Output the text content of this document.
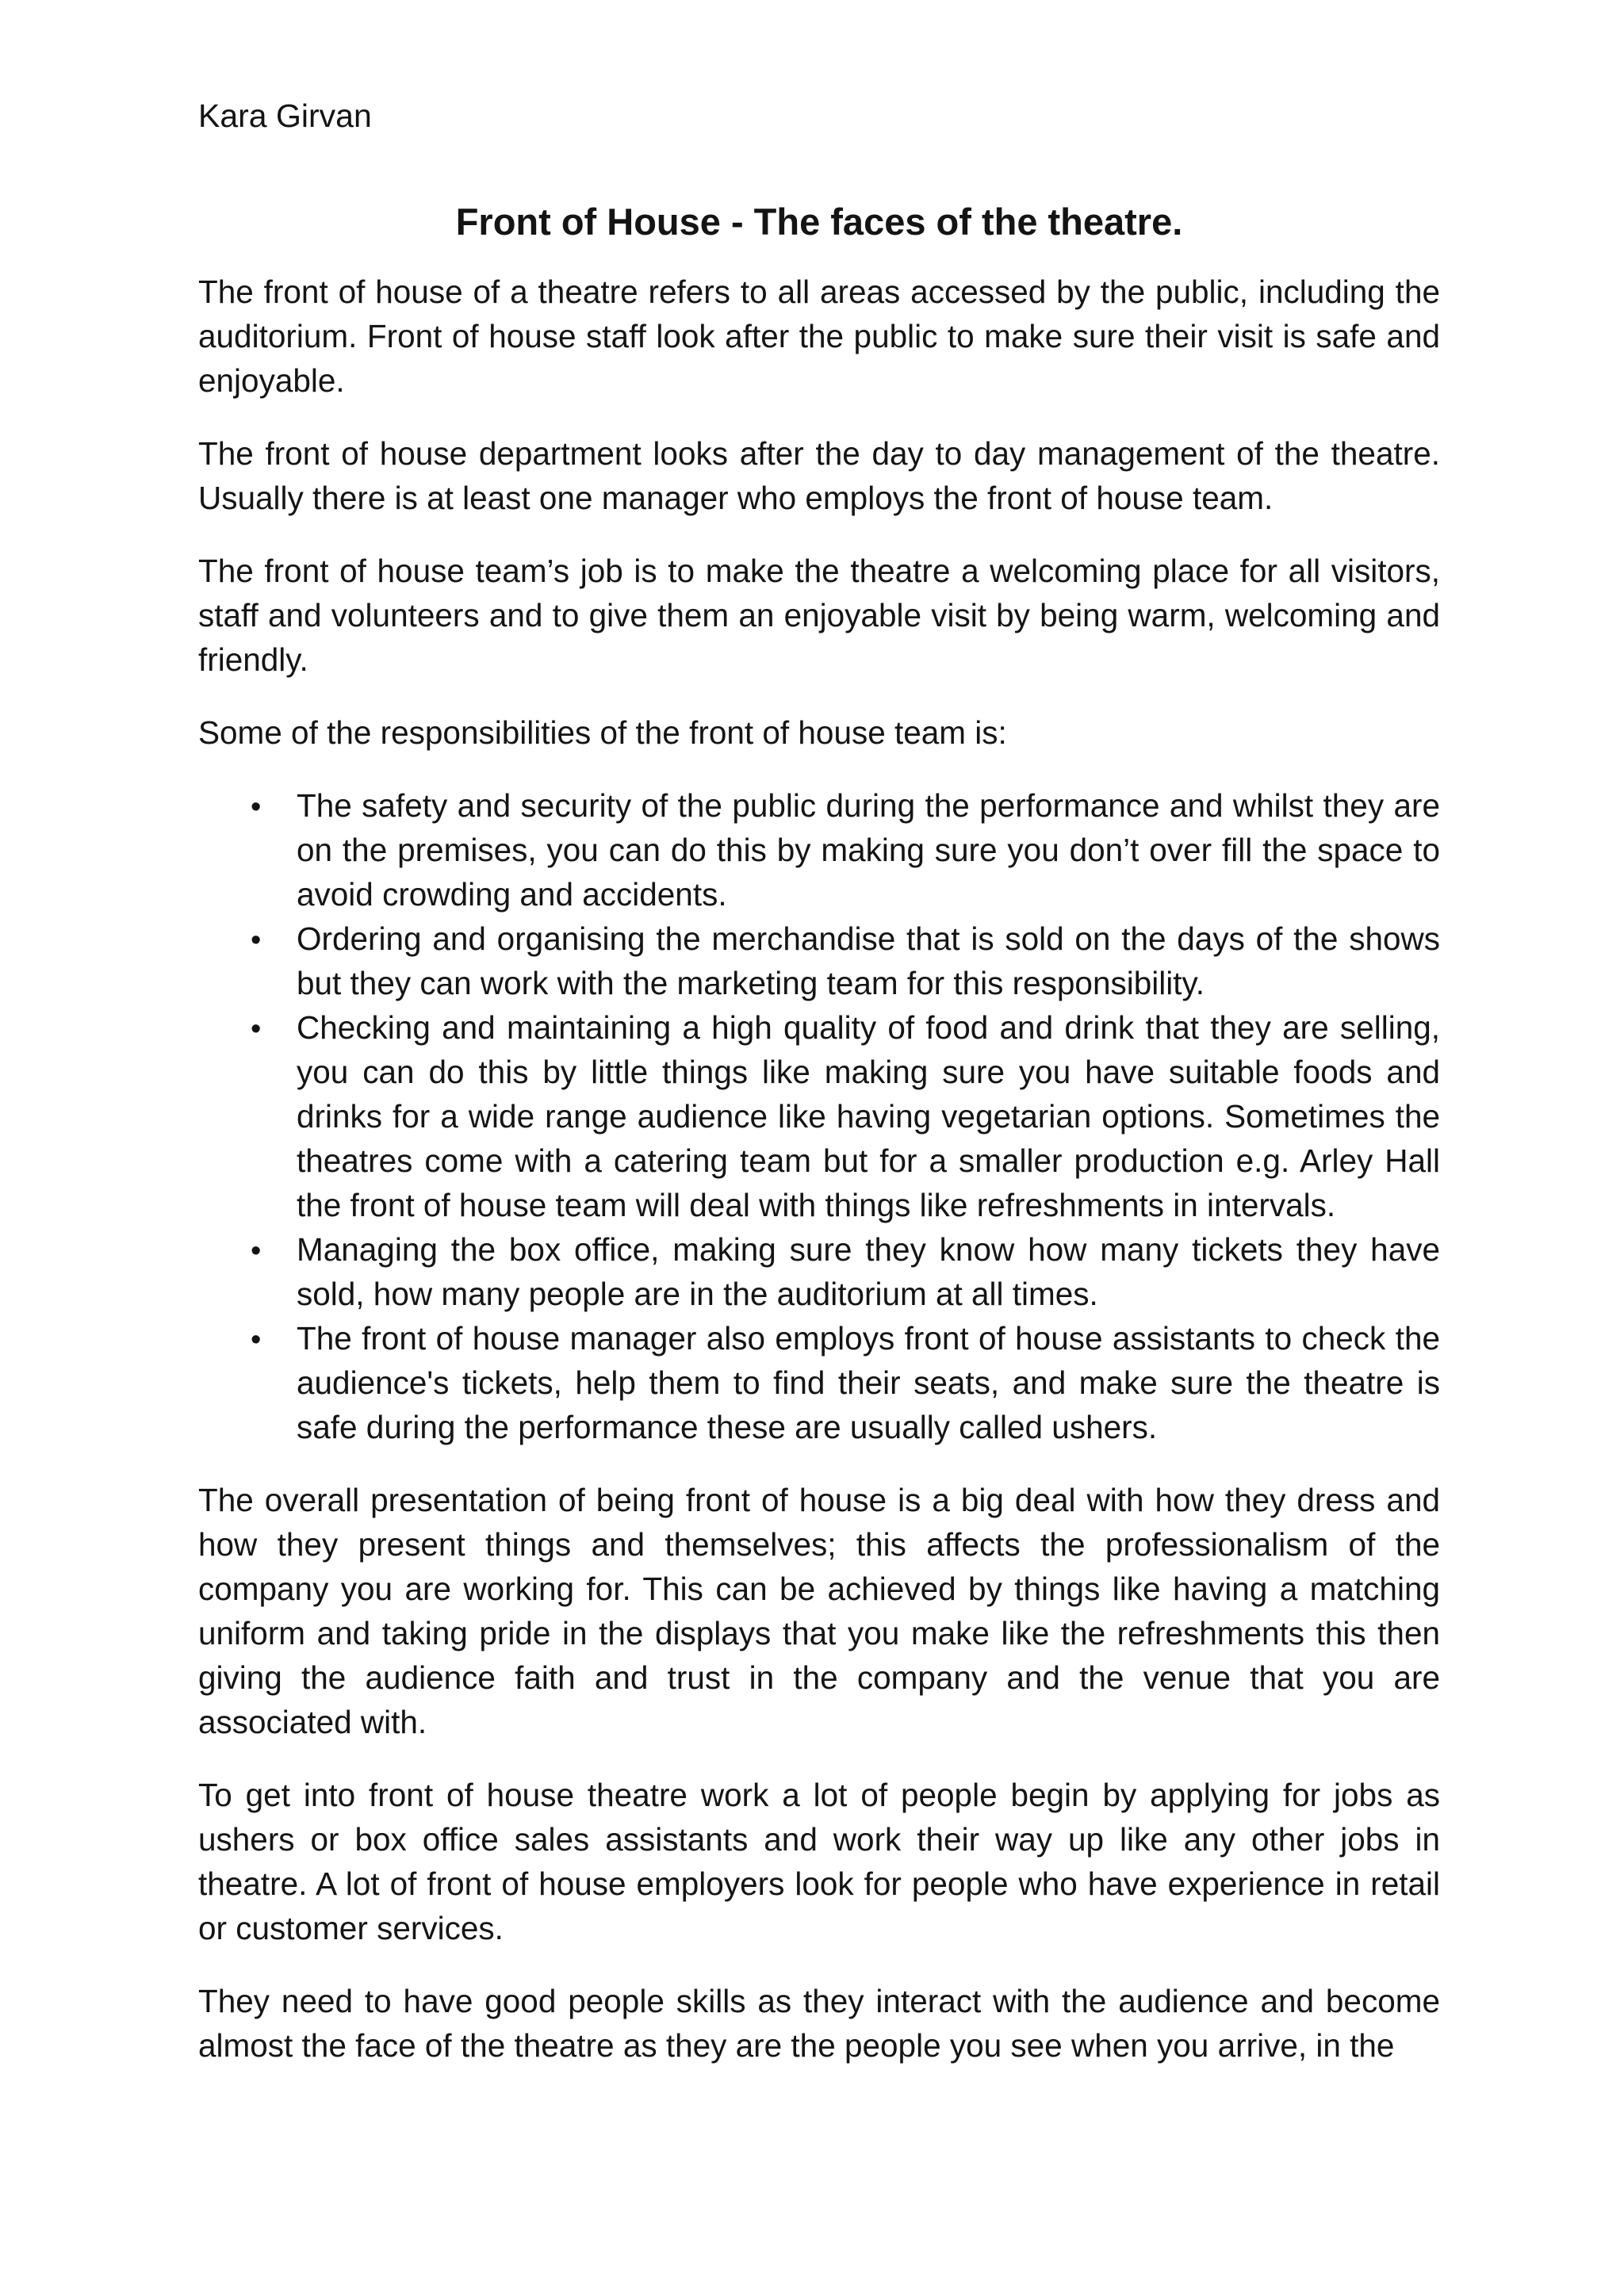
Kara Girvan

Front of House - The faces of the theatre.

The front of house of a theatre refers to all areas accessed by the public, including the auditorium. Front of house staff look after the public to make sure their visit is safe and enjoyable.

The front of house department looks after the day to day management of the theatre. Usually there is at least one manager who employs the front of house team.

The front of house team’s job is to make the theatre a welcoming place for all visitors, staff and volunteers and to give them an enjoyable visit by being warm, welcoming and friendly.

Some of the responsibilities of the front of house team is:

•
The safety and security of the public during the performance and whilst they are on the premises, you can do this by making sure you don’t over fill the space to avoid crowding and accidents.
•
Ordering and organising the merchandise that is sold on the days of the shows but they can work with the marketing team for this responsibility.
•
Checking and maintaining a high quality of food and drink that they are selling, you can do this by little things like making sure you have suitable foods and drinks for a wide range audience like having vegetarian options. Sometimes the theatres come with a catering team but for a smaller production e.g. Arley Hall the front of house team will deal with things like refreshments in intervals.
•
Managing the box office, making sure they know how many tickets they have sold, how many people are in the auditorium at all times.
•
The front of house manager also employs front of house assistants to check the audience's tickets, help them to find their seats, and make sure the theatre is safe during the performance these are usually called ushers.

The overall presentation of being front of house is a big deal with how they dress and how they present things and themselves; this affects the professionalism of the company you are working for. This can be achieved by things like having a matching uniform and taking pride in the displays that you make like the refreshments this then giving the audience faith and trust in the company and the venue that you are associated with.

To get into front of house theatre work a lot of people begin by applying for jobs as ushers or box office sales assistants and work their way up like any other jobs in theatre. A lot of front of house employers look for people who have experience in retail or customer services.

They need to have good people skills as they interact with the audience and become almost the face of the theatre as they are the people you see when you arrive, in the
